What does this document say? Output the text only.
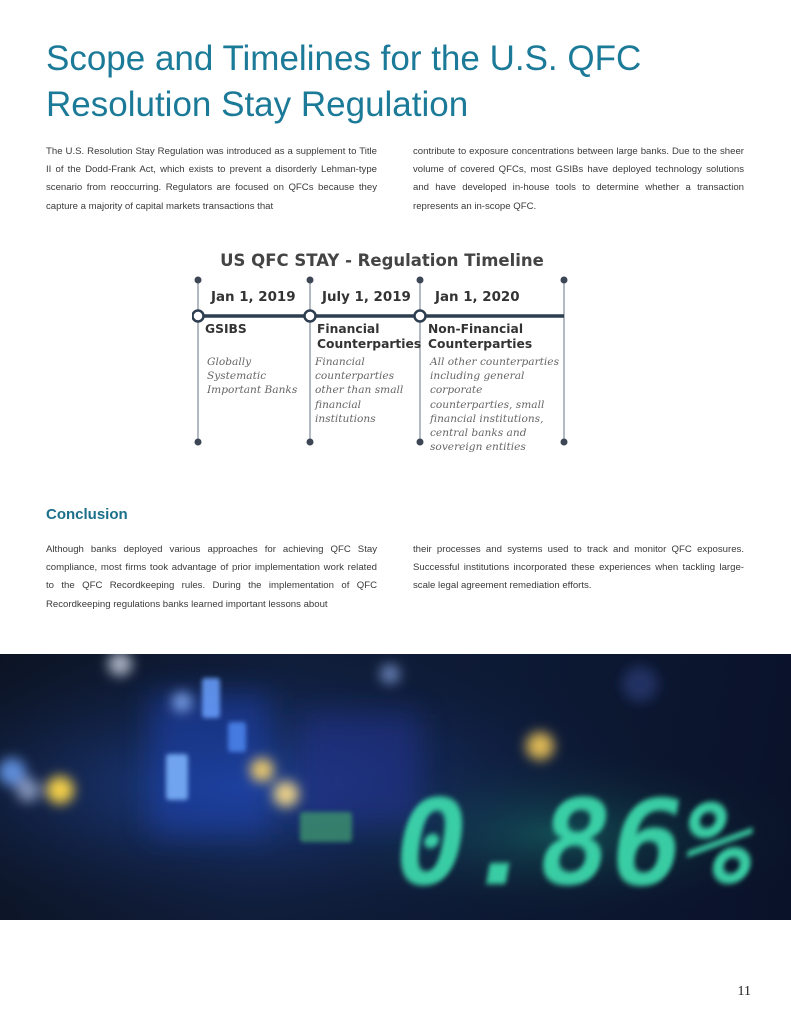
Scope and Timelines for the U.S. QFC Resolution Stay Regulation

The U.S. Resolution Stay Regulation was introduced as a supplement to Title II of the Dodd-Frank Act, which exists to prevent a disorderly Lehman-type scenario from reoccurring. Regulators are focused on QFCs because they capture a majority of capital markets transactions that

contribute to exposure concentrations between large banks. Due to the sheer volume of covered QFCs, most GSIBs have deployed technology solutions and have developed in-house tools to determine whether a transaction represents an in-scope QFC.

US QFC STAY - Regulation Timeline
Jan 1, 2019 July 1, 2019 Jan 1, 2020
GSIBS	Financial Counterparties
Non-Financial Counterparties
Globally Systematic Important Banks
Financial counterparties other than small financial institutions
All other counterparties including general corporate counterparties, small financial institutions, central banks and sovereign entities
Conclusion

Although banks deployed various approaches for achieving QFC Stay compliance, most firms took advantage of prior implementation work related to the QFC Recordkeeping rules. During the implementation of QFC Recordkeeping regulations banks learned important lessons about

their processes and systems used to track and monitor QFC exposures. Successful institutions incorporated these experiences when tackling large-scale legal agreement remediation efforts.

0.86%
11
